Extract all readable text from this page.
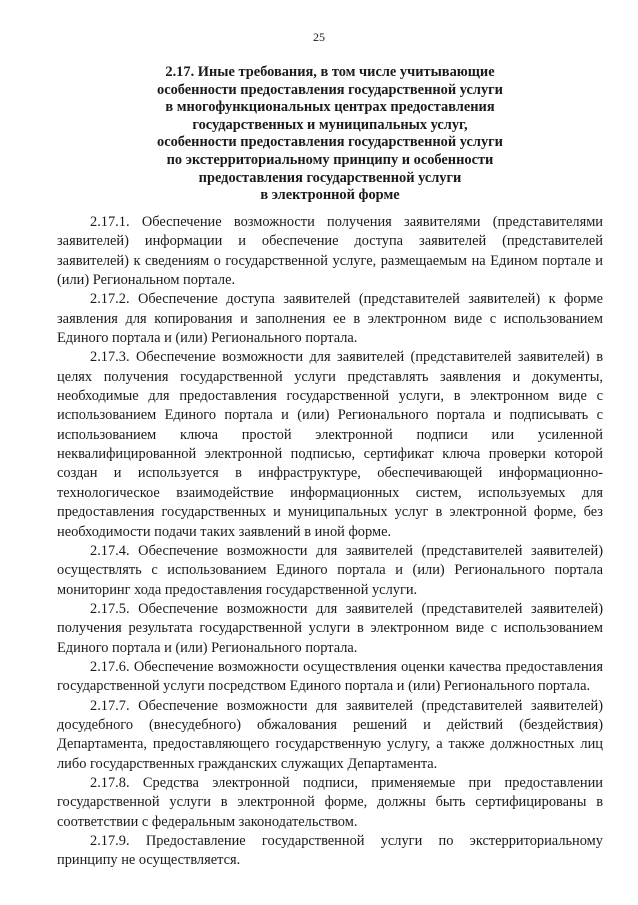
25
2.17. Иные требования, в том числе учитывающие
особенности предоставления государственной услуги
в многофункциональных центрах предоставления
государственных и муниципальных услуг,
особенности предоставления государственной услуги
по экстерриториальному принципу и особенности
предоставления государственной услуги
в электронной форме

2.17.1. Обеспечение возможности получения заявителями (представителями заявителей) информации и обеспечение доступа заявителей (представителей заявителей) к сведениям о государственной услуге, размещаемым на Едином портале и (или) Региональном портале.

2.17.2. Обеспечение доступа заявителей (представителей заявителей) к форме заявления для копирования и заполнения ее в электронном виде с использованием Единого портала и (или) Регионального портала.

2.17.3. Обеспечение возможности для заявителей (представителей заявителей) в целях получения государственной услуги представлять заявления и документы, необходимые для предоставления государственной услуги, в электронном виде с использованием Единого портала и (или) Регионального портала и подписывать с использованием ключа простой электронной подписи или усиленной неквалифицированной электронной подписью, сертификат ключа проверки которой создан и используется в инфраструктуре, обеспечивающей информационно-технологическое взаимодействие информационных систем, используемых для предоставления государственных и муниципальных услуг в электронной форме, без необходимости подачи таких заявлений в иной форме.

2.17.4. Обеспечение возможности для заявителей (представителей заявителей) осуществлять с использованием Единого портала и (или) Регионального портала мониторинг хода предоставления государственной услуги.

2.17.5. Обеспечение возможности для заявителей (представителей заявителей) получения результата государственной услуги в электронном виде с использованием Единого портала и (или) Регионального портала.

2.17.6. Обеспечение возможности осуществления оценки качества предоставления государственной услуги посредством Единого портала и (или) Регионального портала.

2.17.7. Обеспечение возможности для заявителей (представителей заявителей) досудебного (внесудебного) обжалования решений и действий (бездействия) Департамента, предоставляющего государственную услугу, а также должностных лиц либо государственных гражданских служащих Департамента.

2.17.8. Средства электронной подписи, применяемые при предоставлении государственной услуги в электронной форме, должны быть сертифицированы в соответствии с федеральным законодательством.

2.17.9. Предоставление государственной услуги по экстерриториальному принципу не осуществляется.
